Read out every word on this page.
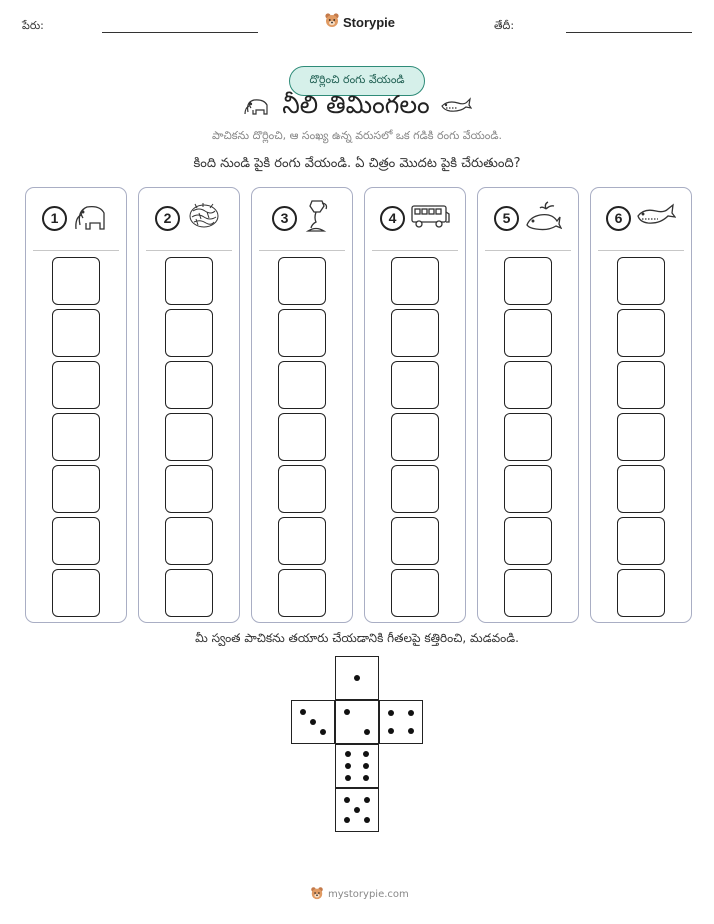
పేరు:	Storypie	తేదీ:
దొర్లించి రంగు వేయండి
నీలి తిమింగలం
పాచికను దొర్లించి, ఆ సంఖ్య ఉన్న వరుసలో ఒక గడికి రంగు వేయండి.
కింది నుండి పైకి రంగు వేయండి. ఏ చిత్రం మొదట పైకి చేరుతుంది?
1	2	3	4	5	6
మీ స్వంత పాచికను తయారు చేయడానికి గీతలపై కత్తిరించి, మడవండి.
mystorypie.com
